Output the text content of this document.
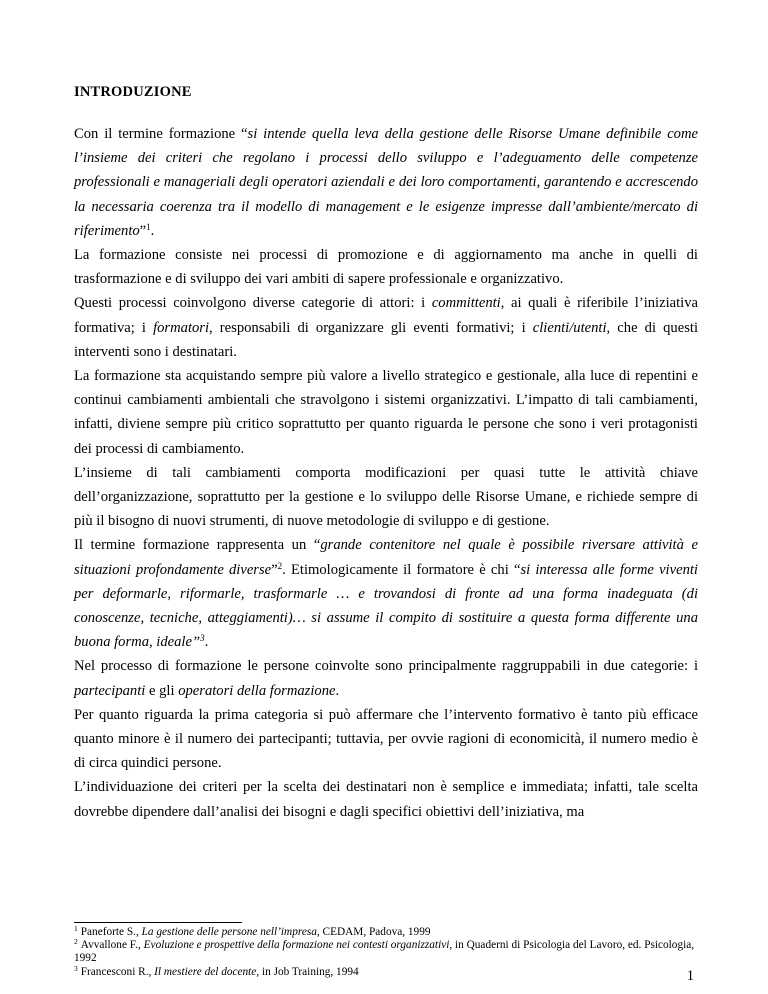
INTRODUZIONE

Con il termine formazione “si intende quella leva della gestione delle Risorse Umane definibile come l’insieme dei criteri che regolano i processi dello sviluppo e l’adeguamento delle competenze professionali e manageriali degli operatori aziendali e dei loro comportamenti, garantendo e accrescendo la necessaria coerenza tra il modello di management e le esigenze impresse dall’ambiente/mercato di riferimento”$^1$.

La formazione consiste nei processi di promozione e di aggiornamento ma anche in quelli di trasformazione e di sviluppo dei vari ambiti di sapere professionale e organizzativo.

Questi processi coinvolgono diverse categorie di attori: i committenti, ai quali è riferibile l’iniziativa formativa; i formatori, responsabili di organizzare gli eventi formativi; i clienti/utenti, che di questi interventi sono i destinatari.

La formazione sta acquistando sempre più valore a livello strategico e gestionale, alla luce di repentini e continui cambiamenti ambientali che stravolgono i sistemi organizzativi. L’impatto di tali cambiamenti, infatti, diviene sempre più critico soprattutto per quanto riguarda le persone che sono i veri protagonisti dei processi di cambiamento.

L’insieme di tali cambiamenti comporta modificazioni per quasi tutte le attività chiave dell’organizzazione, soprattutto per la gestione e lo sviluppo delle Risorse Umane, e richiede sempre di più il bisogno di nuovi strumenti, di nuove metodologie di sviluppo e di gestione.

Il termine formazione rappresenta un “grande contenitore nel quale è possibile riversare attività e situazioni profondamente diverse”$^2$. Etimologicamente il formatore è chi “si interessa alle forme viventi per deformarle, riformarle, trasformarle … e trovandosi di fronte ad una forma inadeguata (di conoscenze, tecniche, atteggiamenti)… si assume il compito di sostituire a questa forma differente una buona forma, ideale”$^3$.

Nel processo di formazione le persone coinvolte sono principalmente raggruppabili in due categorie: i partecipanti e gli operatori della formazione.

Per quanto riguarda la prima categoria si può affermare che l’intervento formativo è tanto più efficace quanto minore è il numero dei partecipanti; tuttavia, per ovvie ragioni di economicità, il numero medio è di circa quindici persone.

L’individuazione dei criteri per la scelta dei destinatari non è semplice e immediata; infatti, tale scelta dovrebbe dipendere dall’analisi dei bisogni e dagli specifici obiettivi dell’iniziativa, ma

$^1$ Paneforte S., La gestione delle persone nell’impresa, CEDAM, Padova, 1999
$^2$ Avvallone F., Evoluzione e prospettive della formazione nei contesti organizzativi, in Quaderni di Psicologia del Lavoro, ed. Psicologia, 1992
$^3$ Francesconi R., Il mestiere del docente, in Job Training, 1994	1
